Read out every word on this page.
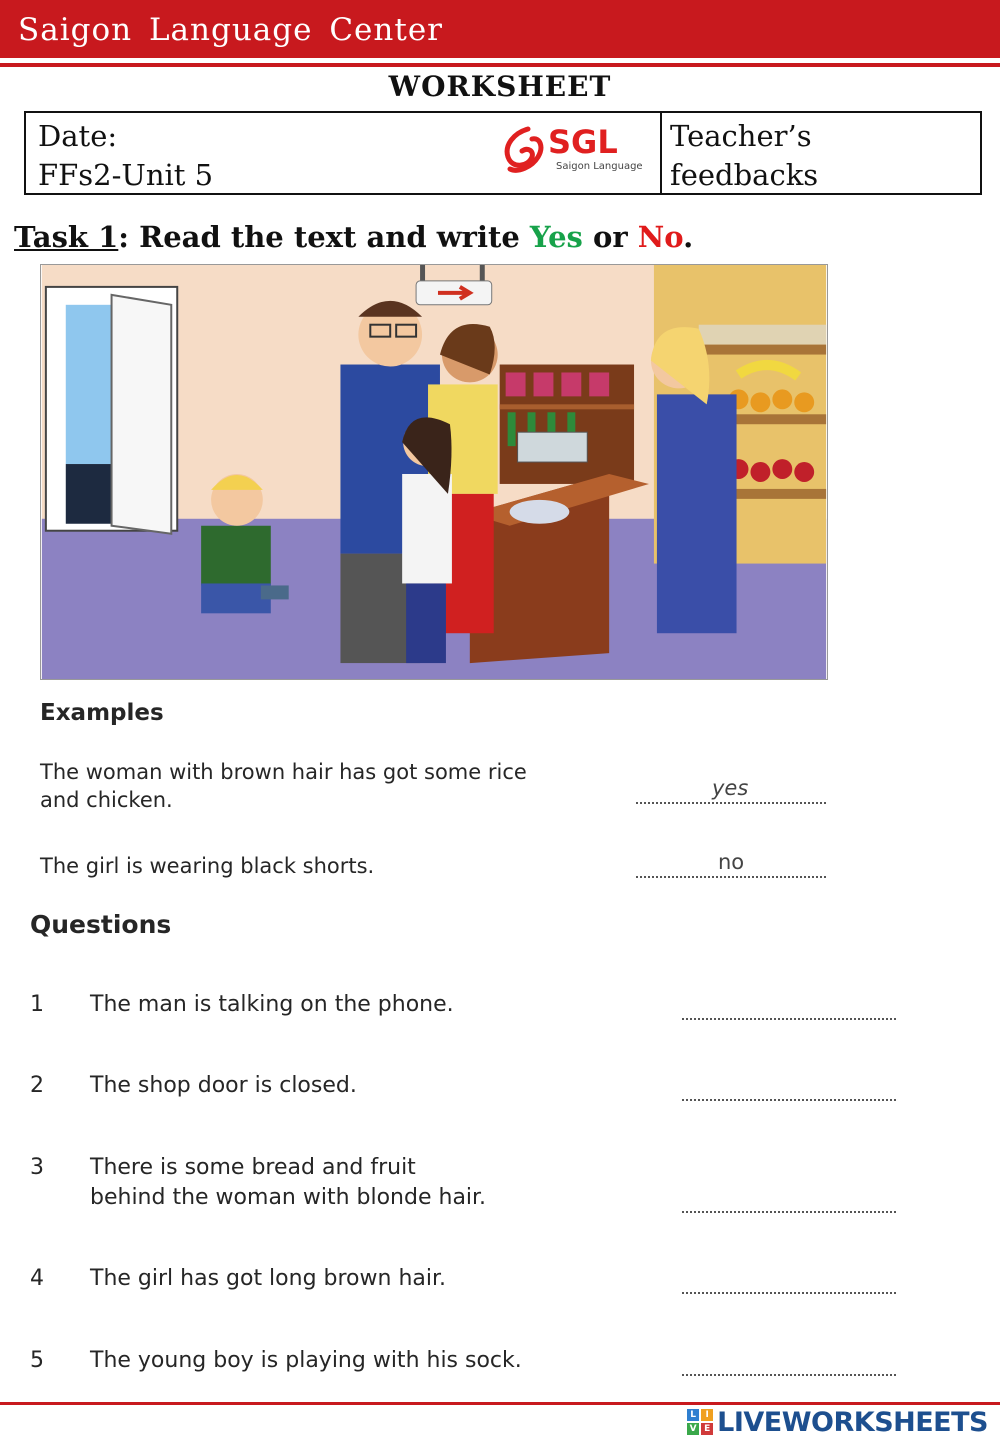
Saigon Language Center
WORKSHEET
Date:
FFs2-Unit 5
SGL
Saigon Language
Teacher’s
feedbacks
Task 1: Read the text and write Yes or No.
Examples
The woman with brown hair has got some rice
and chicken.	yes
The girl is wearing black shorts.	no
Questions
1 The man is talking on the phone.
2 The shop door is closed.
3 There is some bread and fruit
behind the woman with blonde hair.
4 The girl has got long brown hair.
5 The young boy is playing with his sock.
L	I
V E LIVEWORKSHEETS
